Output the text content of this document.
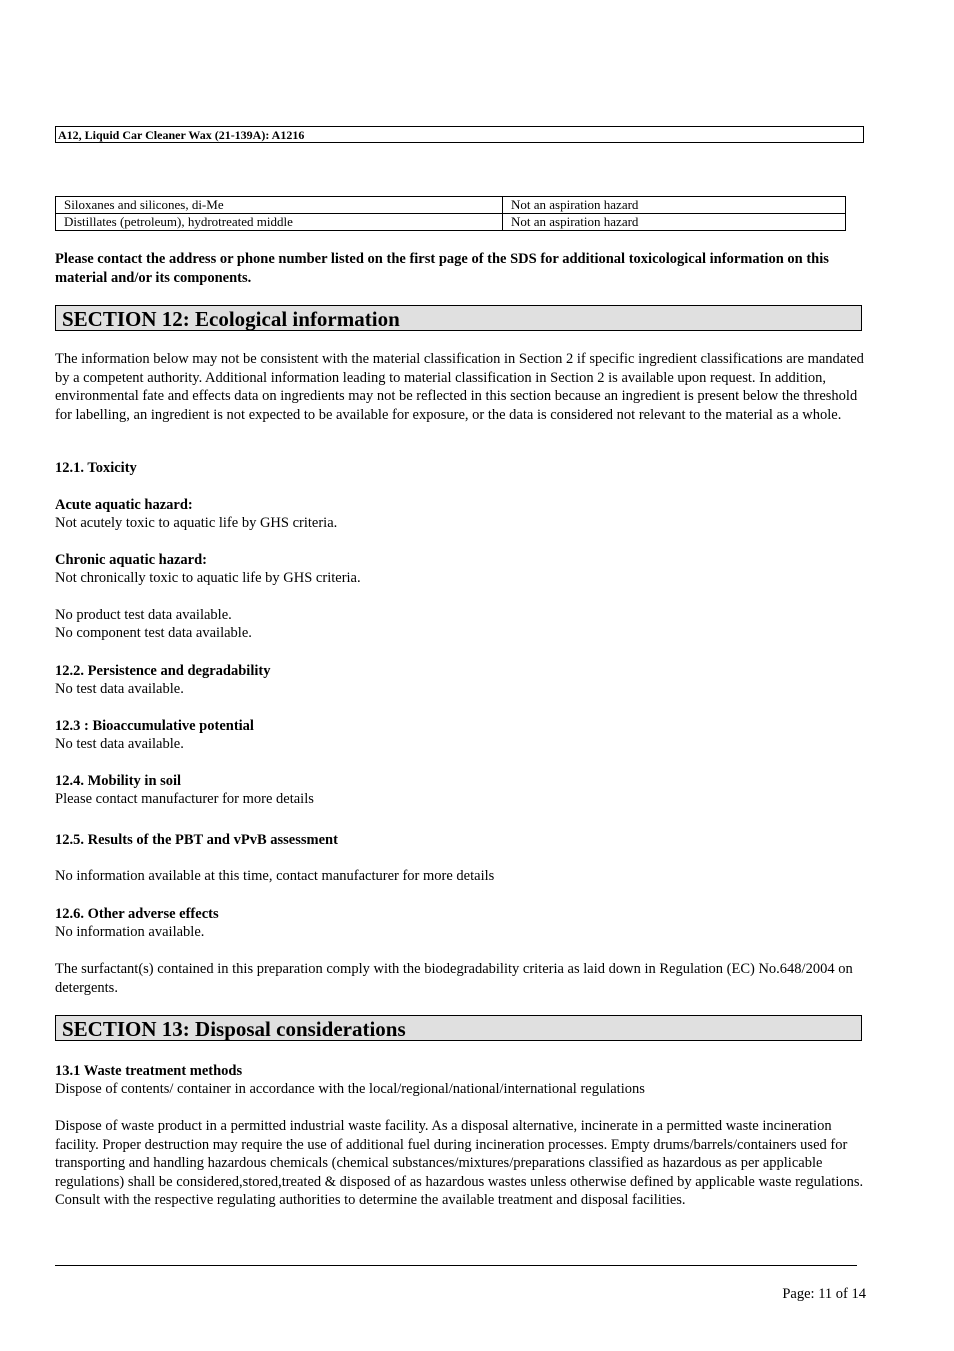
A12, Liquid Car Cleaner Wax (21-139A): A1216
Siloxanes and silicones, di-Me	Not an aspiration hazard
Distillates (petroleum), hydrotreated middle	Not an aspiration hazard
Please contact the address or phone number listed on the first page of the SDS for additional toxicological information on this material and/or its components.
SECTION 12: Ecological information
The information below may not be consistent with the material classification in Section 2 if specific ingredient classifications are mandated by a competent authority. Additional information leading to material classification in Section 2 is available upon request. In addition, environmental fate and effects data on ingredients may not be reflected in this section because an ingredient is present below the threshold for labelling, an ingredient is not expected to be available for exposure, or the data is considered not relevant to the material as a whole.
12.1. Toxicity
Acute aquatic hazard:
Not acutely toxic to aquatic life by GHS criteria.
Chronic aquatic hazard:
Not chronically toxic to aquatic life by GHS criteria.
No product test data available.
No component test data available.
12.2. Persistence and degradability
No test data available.
12.3 : Bioaccumulative potential
No test data available.
12.4. Mobility in soil
Please contact manufacturer for more details
12.5. Results of the PBT and vPvB assessment
No information available at this time, contact manufacturer for more details
12.6. Other adverse effects
No information available.
The surfactant(s) contained in this preparation comply with the biodegradability criteria as laid down in Regulation (EC) No.648/2004 on detergents.
SECTION 13: Disposal considerations
13.1 Waste treatment methods
Dispose of contents/ container in accordance with the local/regional/national/international regulations
Dispose of waste product in a permitted industrial waste facility. As a disposal alternative, incinerate in a permitted waste incineration facility. Proper destruction may require the use of additional fuel during incineration processes. Empty drums/barrels/containers used for transporting and handling hazardous chemicals (chemical substances/mixtures/preparations classified as hazardous as per applicable regulations) shall be considered,stored,treated & disposed of as hazardous wastes unless otherwise defined by applicable waste regulations. Consult with the respective regulating authorities to determine the available treatment and disposal facilities.
Page: 11 of 14
